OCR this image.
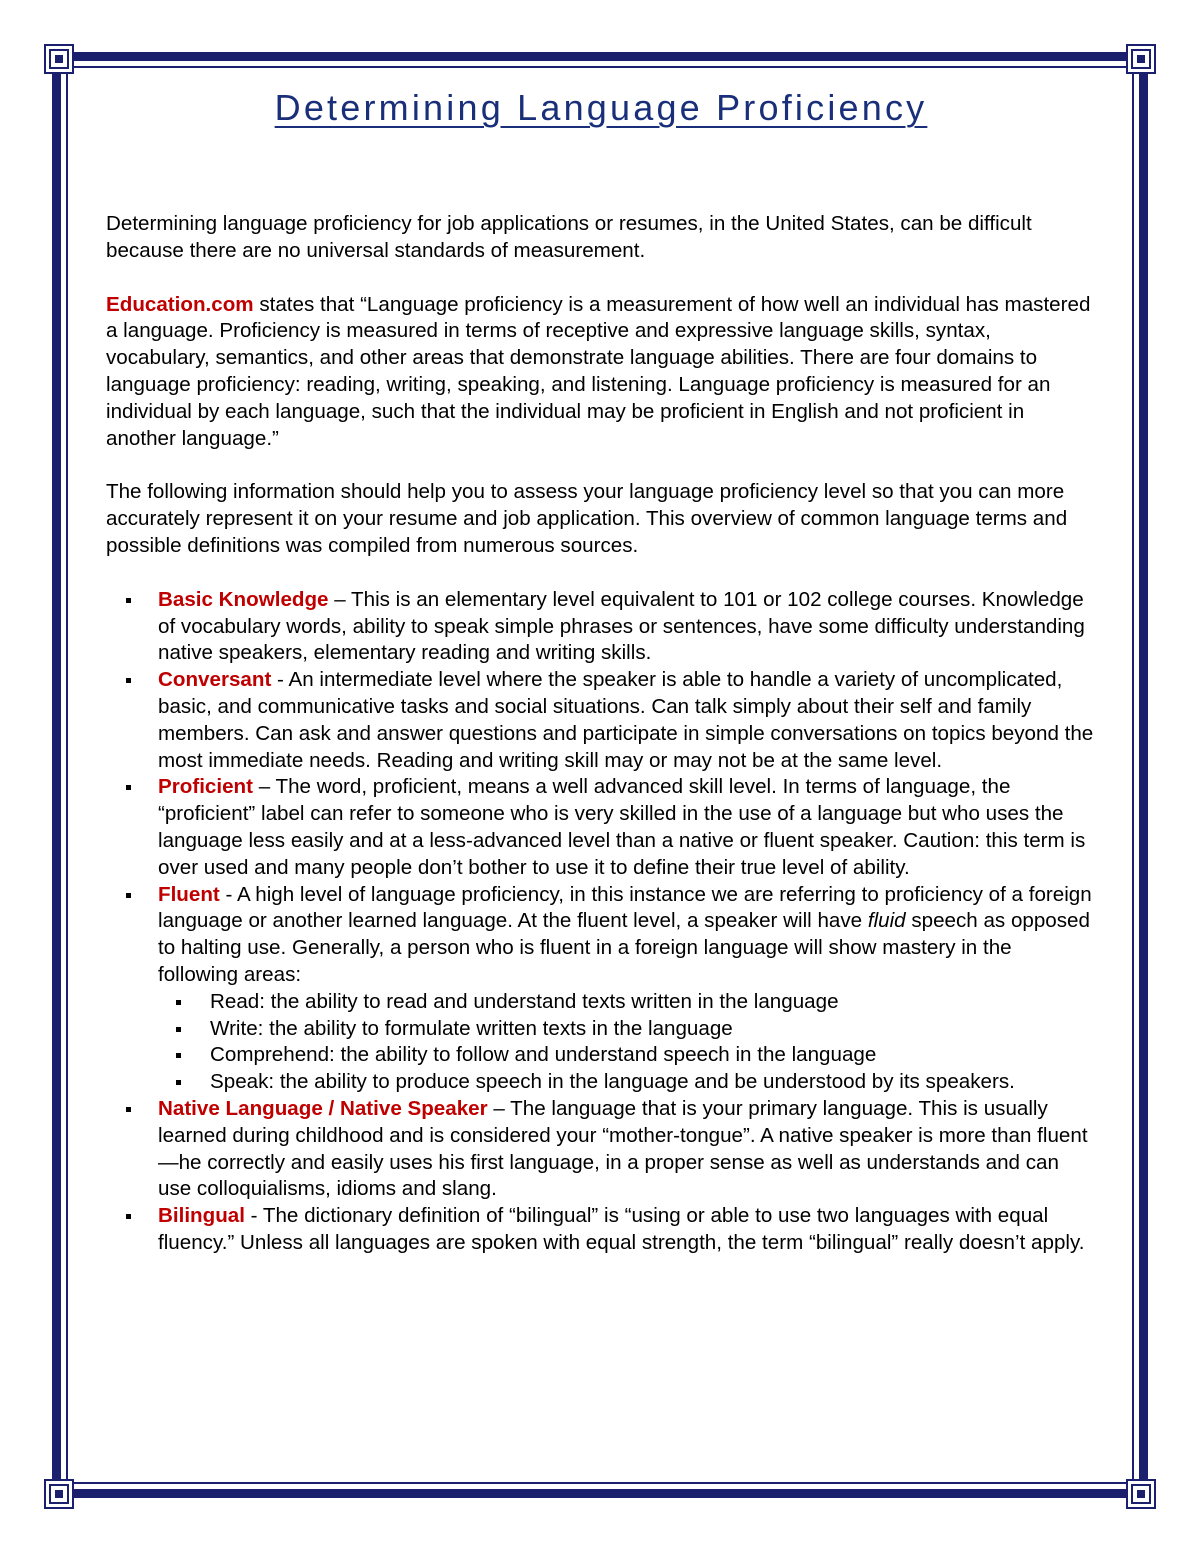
Determining Language Proficiency

Determining language proficiency for job applications or resumes, in the United States, can be difficult because there are no universal standards of measurement.

Education.com states that “Language proficiency is a measurement of how well an individual has mastered a language. Proficiency is measured in terms of receptive and expressive language skills, syntax, vocabulary, semantics, and other areas that demonstrate language abilities. There are four domains to language proficiency: reading, writing, speaking, and listening. Language proficiency is measured for an individual by each language, such that the individual may be proficient in English and not proficient in another language.”

The following information should help you to assess your language proficiency level so that you can more accurately represent it on your resume and job application. This overview of common language terms and possible definitions was compiled from numerous sources.

Basic Knowledge – This is an elementary level equivalent to 101 or 102 college courses. Knowledge of vocabulary words, ability to speak simple phrases or sentences, have some difficulty understanding native speakers, elementary reading and writing skills.
Conversant - An intermediate level where the speaker is able to handle a variety of uncomplicated, basic, and communicative tasks and social situations. Can talk simply about their self and family members. Can ask and answer questions and participate in simple conversations on topics beyond the most immediate needs. Reading and writing skill may or may not be at the same level.
Proficient – The word, proficient, means a well advanced skill level. In terms of language, the “proficient” label can refer to someone who is very skilled in the use of a language but who uses the language less easily and at a less-advanced level than a native or fluent speaker. Caution: this term is over used and many people don’t bother to use it to define their true level of ability.
Fluent - A high level of language proficiency, in this instance we are referring to proficiency of a foreign language or another learned language. At the fluent level, a speaker will have fluid speech as opposed to halting use. Generally, a person who is fluent in a foreign language will show mastery in the following areas:
Read: the ability to read and understand texts written in the language
Write: the ability to formulate written texts in the language
Comprehend: the ability to follow and understand speech in the language
Speak: the ability to produce speech in the language and be understood by its speakers.
Native Language / Native Speaker – The language that is your primary language. This is usually learned during childhood and is considered your “mother-tongue”. A native speaker is more than fluent—he correctly and easily uses his first language, in a proper sense as well as understands and can use colloquialisms, idioms and slang.
Bilingual - The dictionary definition of “bilingual” is “using or able to use two languages with equal fluency.” Unless all languages are spoken with equal strength, the term “bilingual” really doesn’t apply.
